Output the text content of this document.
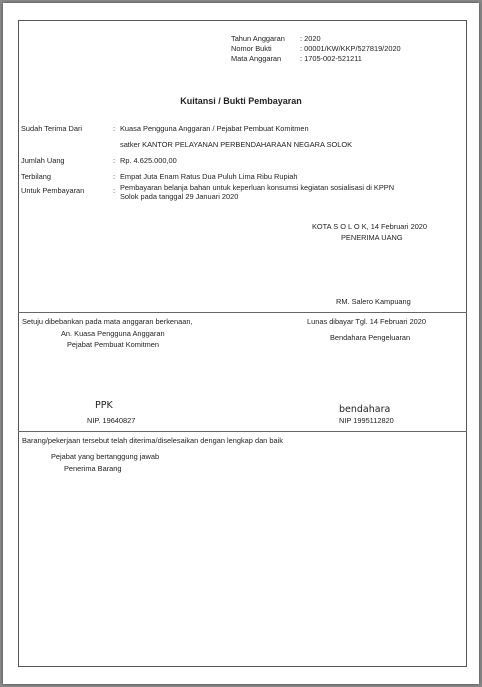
Tahun Anggaran : 2020
Nomor Bukti	: 00001/KW/KKP/527819/2020
Mata Anggaran	: 1705-002-521211
Kuitansi / Bukti Pembayaran
Sudah Terima Dari	: Kuasa Pengguna Anggaran / Pejabat Pembuat Komitmen
satker KANTOR PELAYANAN PERBENDAHARAAN NEGARA SOLOK
Jumlah Uang	: Rp. 4.625.000,00
Terbilang	: Empat Juta Enam Ratus Dua Puluh Lima Ribu Rupiah
Untuk Pembayaran	: Pembayaran belanja bahan untuk keperluan konsumsi kegiatan sosialisasi di KPPN
Solok pada tanggal 29 Januari 2020
KOTA S O L O K, 14 Februari 2020
PENERIMA UANG
RM. Salero Kampuang
Setuju dibebankan pada mata anggaran berkenaan,
An. Kuasa Pengguna Anggaran
Pejabat Pembuat Komitmen
PPK
NIP. 19640827
Lunas dibayar Tgl. 14 Februari 2020
Bendahara Pengeluaran
bendahara
NIP 1995112820
Barang/pekerjaan tersebut telah diterima/diselesaikan dengan lengkap dan baik
Pejabat yang bertanggung jawab
Penerima Barang
